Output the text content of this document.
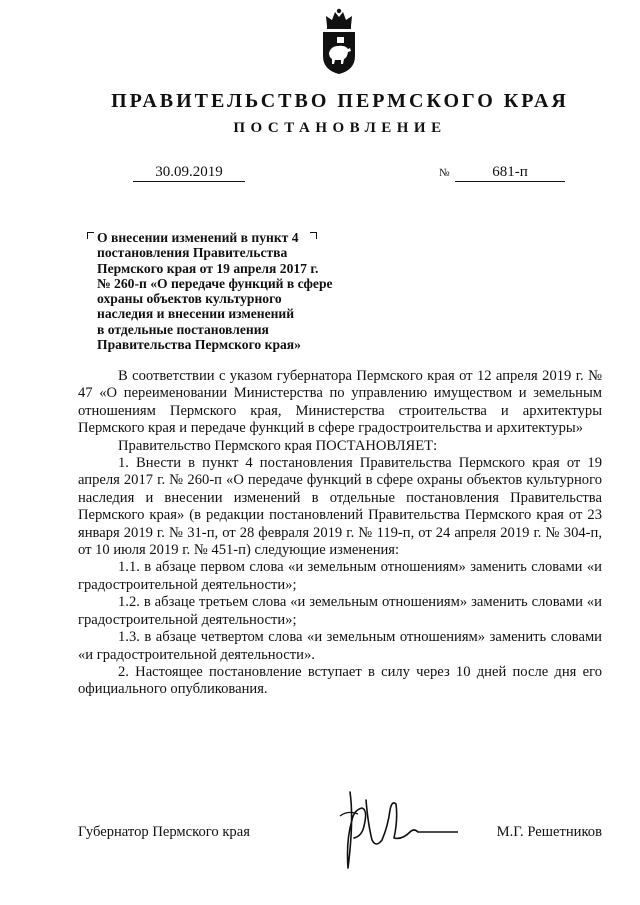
ПРАВИТЕЛЬСТВО ПЕРМСКОГО КРАЯ
ПОСТАНОВЛЕНИЕ
30.09.2019	№	681-п

О внесении изменений в пункт 4
постановления Правительства
Пермского края от 19 апреля 2017 г.
№ 260-п «О передаче функций в сфере
охраны объектов культурного
наследия и внесении изменений
в отдельные постановления
Правительства Пермского края»

В соответствии с указом губернатора Пермского края от 12 апреля 2019 г. № 47 «О переименовании Министерства по управлению имуществом и земельным отношениям Пермского края, Министерства строительства и архитектуры Пермского края и передаче функций в сфере градостроительства и архитектуры»

Правительство Пермского края ПОСТАНОВЛЯЕТ:

1. Внести в пункт 4 постановления Правительства Пермского края от 19 апреля 2017 г. № 260-п «О передаче функций в сфере охраны объектов культурного наследия и внесении изменений в отдельные постановления Правительства Пермского края» (в редакции постановлений Правительства Пермского края от 23 января 2019 г. № 31-п, от 28 февраля 2019 г. № 119-п, от 24 апреля 2019 г. № 304-п, от 10 июля 2019 г. № 451-п) следующие изменения:

1.1. в абзаце первом слова «и земельным отношениям» заменить словами «и градостроительной деятельности»;

1.2. в абзаце третьем слова «и земельным отношениям» заменить словами «и градостроительной деятельности»;

1.3. в абзаце четвертом слова «и земельным отношениям» заменить словами «и градостроительной деятельности».

2. Настоящее постановление вступает в силу через 10 дней после дня его официального опубликования.

Губернатор Пермского края	М.Г. Решетников
